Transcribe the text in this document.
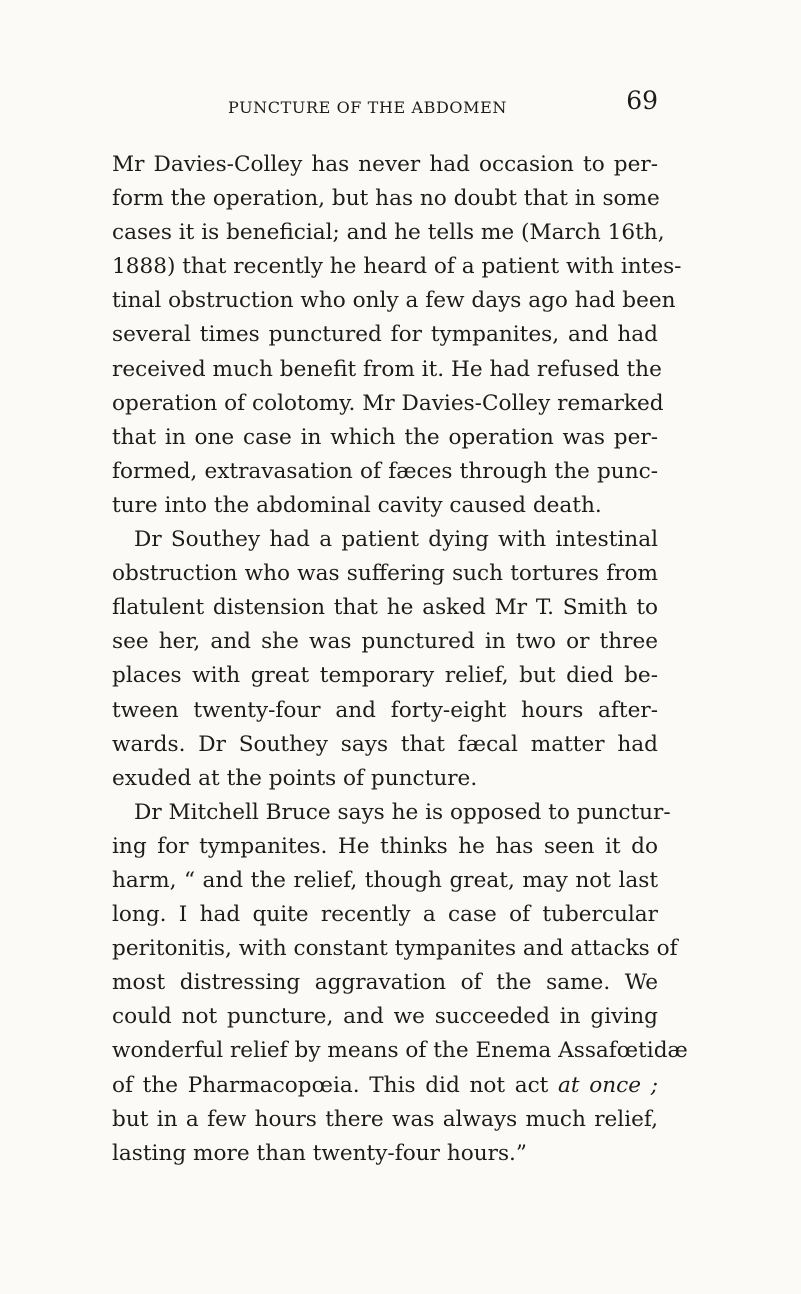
PUNCTURE OF THE ABDOMEN	69
Mr Davies-Colley has never had occasion to per-
form the operation, but has no doubt that in some
cases it is beneficial; and he tells me (March 16th,
1888) that recently he heard of a patient with intes-
tinal obstruction who only a few days ago had been
several times punctured for tympanites, and had
received much benefit from it. He had refused the
operation of colotomy. Mr Davies-Colley remarked
that in one case in which the operation was per-
formed, extravasation of fæces through the punc-
ture into the abdominal cavity caused death.
Dr Southey had a patient dying with intestinal
obstruction who was suffering such tortures from
flatulent distension that he asked Mr T. Smith to
see her, and she was punctured in two or three
places with great temporary relief, but died be-
tween twenty-four and forty-eight hours after-
wards. Dr Southey says that fæcal matter had
exuded at the points of puncture.
Dr Mitchell Bruce says he is opposed to punctur-
ing for tympanites. He thinks he has seen it do
harm, “ and the relief, though great, may not last
long. I had quite recently a case of tubercular
peritonitis, with constant tympanites and attacks of
most distressing aggravation of the same. We
could not puncture, and we succeeded in giving
wonderful relief by means of the Enema Assafœtidæ
of the Pharmacopœia. This did not act at once ;
but in a few hours there was always much relief,
lasting more than twenty-four hours.”
